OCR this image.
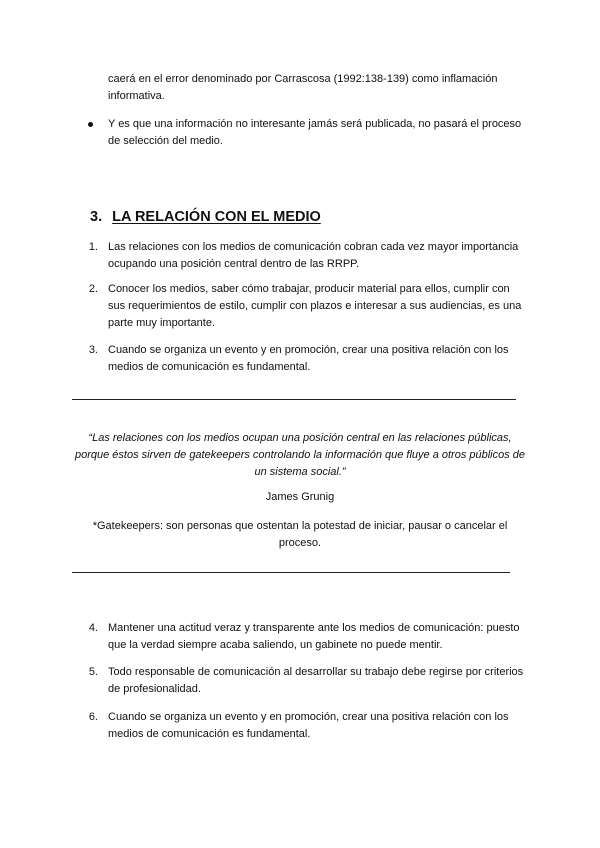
caerá en el error denominado por Carrascosa (1992:138-139) como inflamación informativa.
Y es que una información no interesante jamás será publicada, no pasará el proceso de selección del medio.
3. LA RELACIÓN CON EL MEDIO
1. Las relaciones con los medios de comunicación cobran cada vez mayor importancia ocupando una posición central dentro de las RRPP.
2. Conocer los medios, saber cómo trabajar, producir material para ellos, cumplir con sus requerimientos de estilo, cumplir con plazos e interesar a sus audiencias, es una parte muy importante.
3. Cuando se organiza un evento y en promoción, crear una positiva relación con los medios de comunicación es fundamental.
“Las relaciones con los medios ocupan una posición central en las relaciones públicas, porque éstos sirven de gatekeepers controlando la información que fluye a otros públicos de un sistema social.”
James Grunig
*Gatekeepers: son personas que ostentan la potestad de iniciar, pausar o cancelar el proceso.
4. Mantener una actitud veraz y transparente ante los medios de comunicación: puesto que la verdad siempre acaba saliendo, un gabinete no puede mentir.
5. Todo responsable de comunicación al desarrollar su trabajo debe regirse por criterios de profesionalidad.
6. Cuando se organiza un evento y en promoción, crear una positiva relación con los medios de comunicación es fundamental.
